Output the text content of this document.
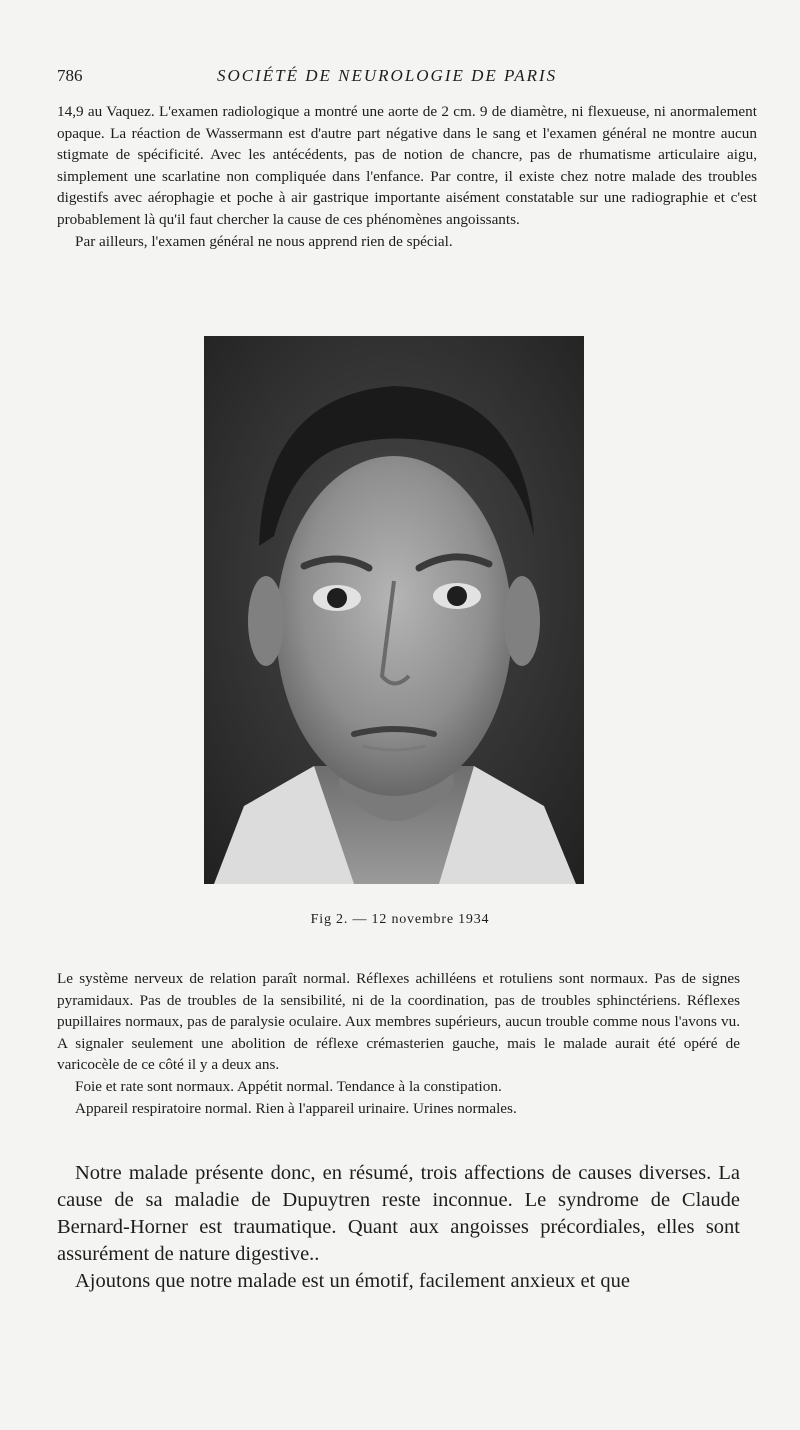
786	SOCIÉTÉ DE NEUROLOGIE DE PARIS

14,9 au Vaquez. L'examen radiologique a montré une aorte de 2 cm. 9 de diamètre, ni flexueuse, ni anormalement opaque. La réaction de Wassermann est d'autre part négative dans le sang et l'examen général ne montre aucun stigmate de spécificité. Avec les antécédents, pas de notion de chancre, pas de rhumatisme articulaire aigu, simplement une scarlatine non compliquée dans l'enfance. Par contre, il existe chez notre malade des troubles digestifs avec aérophagie et poche à air gastrique importante aisément constatable sur une radiographie et c'est probablement là qu'il faut chercher la cause de ces phénomènes angoissants.

Par ailleurs, l'examen général ne nous apprend rien de spécial.

Fig 2. — 12 novembre 1934

Le système nerveux de relation paraît normal. Réflexes achilléens et rotuliens sont normaux. Pas de signes pyramidaux. Pas de troubles de la sensibilité, ni de la coordination, pas de troubles sphinctériens. Réflexes pupillaires normaux, pas de paralysie oculaire. Aux membres supérieurs, aucun trouble comme nous l'avons vu. A signaler seulement une abolition de réflexe crémasterien gauche, mais le malade aurait été opéré de varicocèle de ce côté il y a deux ans.

Foie et rate sont normaux. Appétit normal. Tendance à la constipation.

Appareil respiratoire normal. Rien à l'appareil urinaire. Urines normales.

Notre malade présente donc, en résumé, trois affections de causes diverses. La cause de sa maladie de Dupuytren reste inconnue. Le syndrome de Claude Bernard-Horner est traumatique. Quant aux angoisses précordiales, elles sont assurément de nature digestive..

Ajoutons que notre malade est un émotif, facilement anxieux et que
